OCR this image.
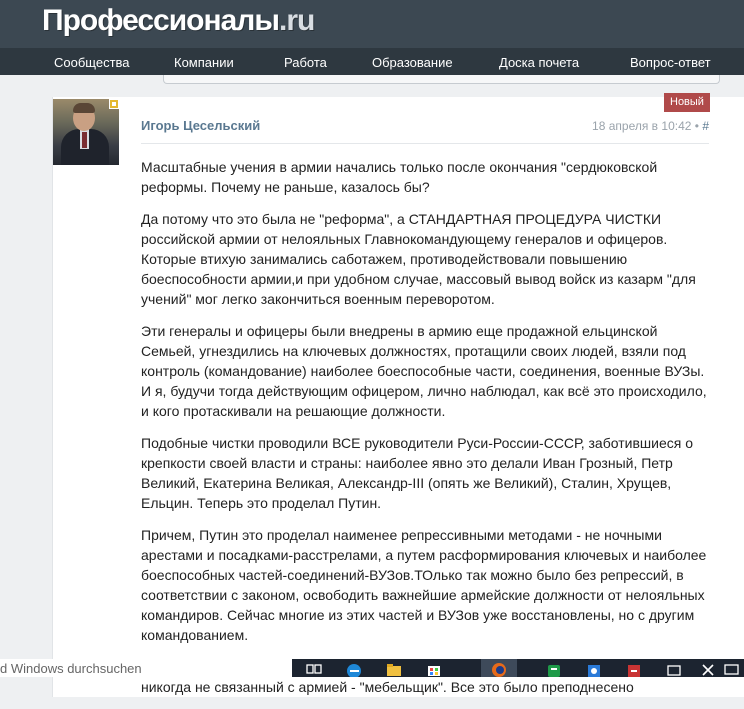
Профессионалы.ru
Сообщества	Компании	Работа	Образование	Доска почета	Вопрос-ответ
Новый
Игорь Цесельский	18 апреля в 10:42 • #

Масштабные учения в армии начались только после окончания "сердюковской реформы. Почему не раньше, казалось бы?

Да потому что это была не "реформа", а СТАНДАРТНАЯ ПРОЦЕДУРА ЧИСТКИ российской армии от нелояльных Главнокомандующему генералов и офицеров. Которые втихую занимались саботажем, противодействовали повышению боеспособности армии,и при удобном случае, массовый вывод войск из казарм "для учений" мог легко закончиться военным переворотом.

Эти генералы и офицеры были внедрены в армию еще продажной ельцинской Семьей, угнездились на ключевых должностях, протащили своих людей, взяли под контроль (командование) наиболее боеспособные части, соединения, военные ВУЗы. И я, будучи тогда действующим офицером, лично наблюдал, как всё это происходило, и кого протаскивали на решающие должности.

Подобные чистки проводили ВСЕ руководители Руси-России-СССР, заботившиеся о крепкости своей власти и страны: наиболее явно это делали Иван Грозный, Петр Великий, Екатерина Великая, Александр-III (опять же Великий), Сталин, Хрущев, Ельцин. Теперь это проделал Путин.

Причем, Путин это проделал наименее репрессивными методами - не ночными арестами и посадками-расстрелами, а путем расформирования ключевых и наиболее боеспособных частей-соединений-ВУЗов.ТОлько так можно было без репрессий, в соответствии с законом, освободить важнейшие армейские должности от нелояльных командиров. Сейчас многие из этих частей и ВУЗов уже восстановлены, но с другим командованием.

никогда не связанный с армией - "мебельщик". Все это было преподнесено

d Windows durchsuchen
